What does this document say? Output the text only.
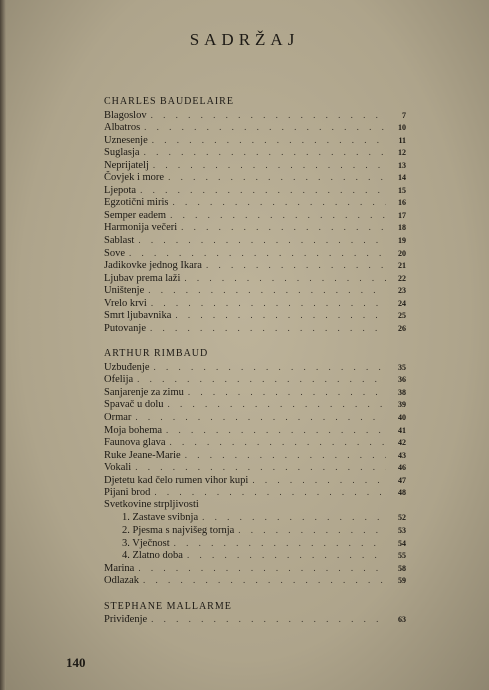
SADRŽAJ
CHARLES BAUDELAIRE
Blagoslov . . .	7
Albatros . . .	10
Uznesenje . . .	11
Suglasja . . .	12
Neprijatelj . . .	13
Čovjek i more . . .	14
Ljepota . . .	15
Egzotični miris . . .	16
Semper eadem . . .	17
Harmonija večeri . . .	18
Sablast . . .	19
Sove . . .	20
Jadikovke jednog Ikara . . .	21
Ljubav prema laži . . .	22
Uništenje . . .	23
Vrelo krvi . . .	24
Smrt ljubavnika . . .	25
Putovanje . . .	26
ARTHUR RIMBAUD
Uzbuđenje . . .	35
Ofelija . . .	36
Sanjarenje za zimu . . .	38
Spavač u dolu . . .	39
Ormar . . .	40
Moja bohema . . .	41
Faunova glava . . .	42
Ruke Jeane-Marie . . .	43
Vokali . . .	46
Djetetu kad čelo rumen vihor kupi . . .	47
Pijani brod . . .	48
Svetkovine strpljivosti
1. Zastave svibnja . . .	52
2. Pjesma s najvišeg tornja . . .	53
3. Vječnost . . .	54
4. Zlatno doba . . .	55
Marina . . .	58
Odlazak . . .	59
STEPHANE MALLARME
Priviđenje . . .	63
140
